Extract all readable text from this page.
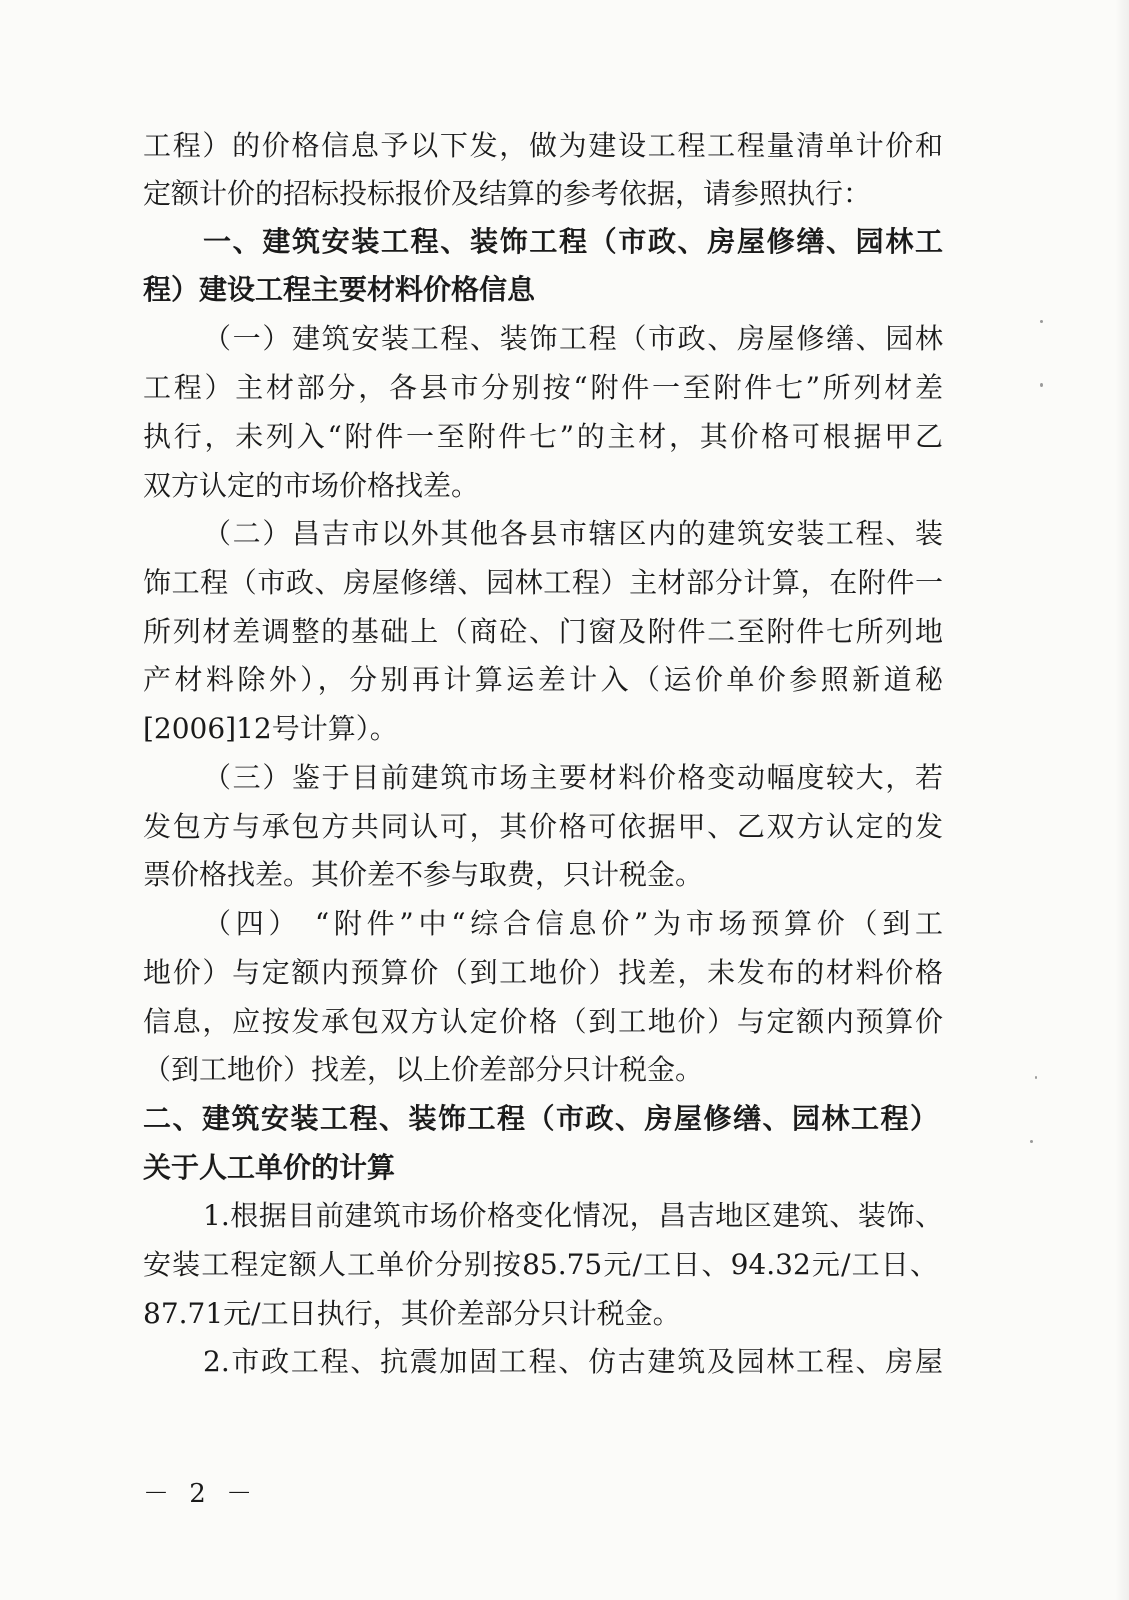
工程）的价格信息予以下发，做为建设工程工程量清单计价和
定额计价的招标投标报价及结算的参考依据，请参照执行：
一、建筑安装工程、装饰工程（市政、房屋修缮、园林工
程）建设工程主要材料价格信息
（一）建筑安装工程、装饰工程（市政、房屋修缮、园林
工程）主材部分，各县市分别按“附件一至附件七”所列材差
执行，未列入“附件一至附件七”的主材，其价格可根据甲乙
双方认定的市场价格找差。
（二）昌吉市以外其他各县市辖区内的建筑安装工程、装
饰工程（市政、房屋修缮、园林工程）主材部分计算，在附件一
所列材差调整的基础上（商砼、门窗及附件二至附件七所列地
产材料除外），分别再计算运差计入（运价单价参照新道秘
[2006]12号计算）。
（三）鉴于目前建筑市场主要材料价格变动幅度较大，若
发包方与承包方共同认可，其价格可依据甲、乙双方认定的发
票价格找差。其价差不参与取费，只计税金。
（四） “附件”中“综合信息价”为市场预算价（到工
地价）与定额内预算价（到工地价）找差，未发布的材料价格
信息，应按发承包双方认定价格（到工地价）与定额内预算价
（到工地价）找差，以上价差部分只计税金。
二、建筑安装工程、装饰工程（市政、房屋修缮、园林工程）
关于人工单价的计算
1.根据目前建筑市场价格变化情况，昌吉地区建筑、装饰、
安装工程定额人工单价分别按85.75元/工日、94.32元/工日、
87.71元/工日执行，其价差部分只计税金。
2.市政工程、抗震加固工程、仿古建筑及园林工程、房屋
－ 2 －
